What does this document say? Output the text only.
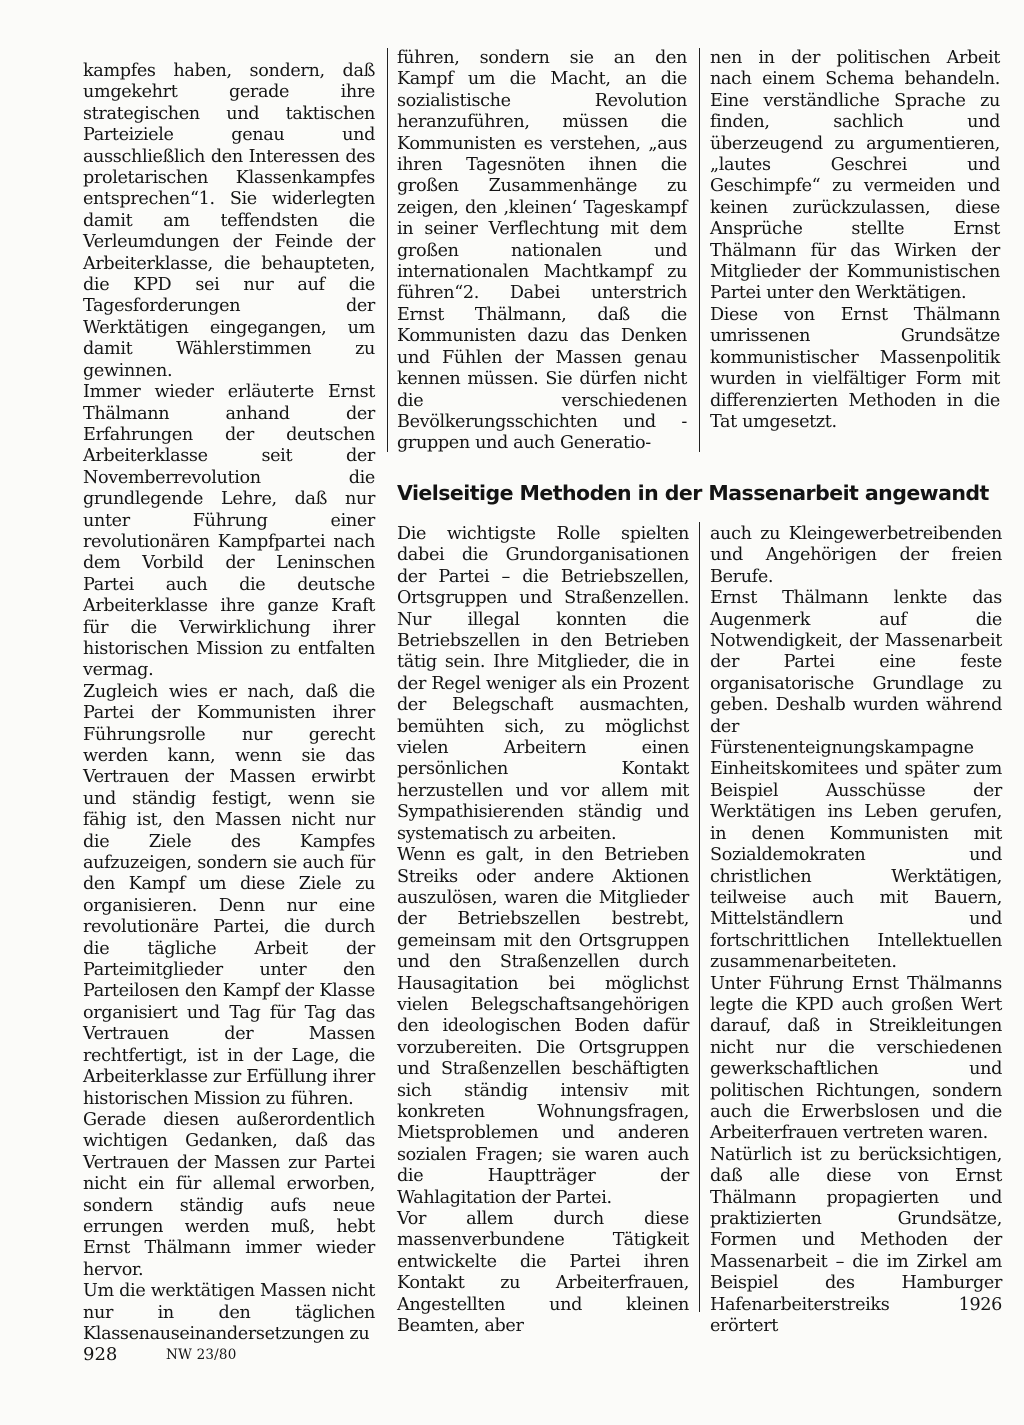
kampfes haben, sondern, daß umgekehrt gerade ihre strategischen und taktischen Parteiziele genau und ausschließlich den Interessen des proletarischen Klassenkampfes entsprechen“1. Sie widerlegten damit am teffendsten die Verleumdungen der Feinde der Arbeiterklasse, die behaupteten, die KPD sei nur auf die Tagesforderungen der Werktätigen eingegangen, um damit Wählerstimmen zu gewinnen.

Immer wieder erläuterte Ernst Thälmann anhand der Erfahrungen der deutschen Arbeiterklasse seit der Novemberrevolution die grundlegende Lehre, daß nur unter Führung einer revolutionären Kampfpartei nach dem Vorbild der Leninschen Partei auch die deutsche Arbeiterklasse ihre ganze Kraft für die Verwirklichung ihrer historischen Mission zu entfalten vermag.

Zugleich wies er nach, daß die Partei der Kommunisten ihrer Führungsrolle nur gerecht werden kann, wenn sie das Vertrauen der Massen erwirbt und ständig festigt, wenn sie fähig ist, den Massen nicht nur die Ziele des Kampfes aufzuzeigen, sondern sie auch für den Kampf um diese Ziele zu organisieren. Denn nur eine revolutionäre Partei, die durch die tägliche Arbeit der Parteimitglieder unter den Parteilosen den Kampf der Klasse organisiert und Tag für Tag das Vertrauen der Massen rechtfertigt, ist in der Lage, die Arbeiterklasse zur Erfüllung ihrer historischen Mission zu führen.

Gerade diesen außerordentlich wichtigen Gedanken, daß das Vertrauen der Massen zur Partei nicht ein für allemal erworben, sondern ständig aufs neue errungen werden muß, hebt Ernst Thälmann immer wieder hervor.

Um die werktätigen Massen nicht nur in den täglichen Klassenauseinandersetzungen zu

führen, sondern sie an den Kampf um die Macht, an die sozialistische Revolution heranzuführen, müssen die Kommunisten es verstehen, „aus ihren Tagesnöten ihnen die großen Zusammenhänge zu zeigen, den ‚kleinen‘ Tageskampf in seiner Verflechtung mit dem großen nationalen und internationalen Machtkampf zu führen“2. Dabei unterstrich Ernst Thälmann, daß die Kommunisten dazu das Denken und Fühlen der Massen genau kennen müssen. Sie dürfen nicht die verschiedenen Bevölkerungsschichten und -gruppen und auch Generatio-

nen in der politischen Arbeit nach einem Schema behandeln. Eine verständliche Sprache zu finden, sachlich und überzeugend zu argumentieren, „lautes Geschrei und Geschimpfe“ zu vermeiden und keinen zurückzulassen, diese Ansprüche stellte Ernst Thälmann für das Wirken der Mitglieder der Kommunistischen Partei unter den Werktätigen.

Diese von Ernst Thälmann umrissenen Grundsätze kommunistischer Massenpolitik wurden in vielfältiger Form mit differenzierten Methoden in die Tat umgesetzt.

Vielseitige Methoden in der Massenarbeit angewandt

Die wichtigste Rolle spielten dabei die Grundorganisationen der Partei – die Betriebszellen, Ortsgruppen und Straßenzellen. Nur illegal konnten die Betriebszellen in den Betrieben tätig sein. Ihre Mitglieder, die in der Regel weniger als ein Prozent der Belegschaft ausmachten, bemühten sich, zu möglichst vielen Arbeitern einen persönlichen Kontakt herzustellen und vor allem mit Sympathisierenden ständig und systematisch zu arbeiten.

Wenn es galt, in den Betrieben Streiks oder andere Aktionen auszulösen, waren die Mitglieder der Betriebszellen bestrebt, gemeinsam mit den Ortsgruppen und den Straßenzellen durch Hausagitation bei möglichst vielen Belegschaftsangehörigen den ideologischen Boden dafür vorzubereiten. Die Ortsgruppen und Straßenzellen beschäftigten sich ständig intensiv mit konkreten Wohnungsfragen, Mietsproblemen und anderen sozialen Fragen; sie waren auch die Hauptträger der Wahlagitation der Partei.

Vor allem durch diese massenverbundene Tätigkeit entwickelte die Partei ihren Kontakt zu Arbeiterfrauen, Angestellten und kleinen Beamten, aber

auch zu Kleingewerbetreibenden und Angehörigen der freien Berufe.

Ernst Thälmann lenkte das Augenmerk auf die Notwendigkeit, der Massenarbeit der Partei eine feste organisatorische Grundlage zu geben. Deshalb wurden während der Fürstenenteignungskampagne Einheitskomitees und später zum Beispiel Ausschüsse der Werktätigen ins Leben gerufen, in denen Kommunisten mit Sozialdemokraten und christlichen Werktätigen, teilweise auch mit Bauern, Mittelständlern und fortschrittlichen Intellektuellen zusammenarbeiteten.

Unter Führung Ernst Thälmanns legte die KPD auch großen Wert darauf, daß in Streikleitungen nicht nur die verschiedenen gewerkschaftlichen und politischen Richtungen, sondern auch die Erwerbslosen und die Arbeiterfrauen vertreten waren.

Natürlich ist zu berücksichtigen, daß alle diese von Ernst Thälmann propagierten und praktizierten Grundsätze, Formen und Methoden der Massenarbeit – die im Zirkel am Beispiel des Hamburger Hafenarbeiterstreiks 1926 erörtert

928	NW 23/80
